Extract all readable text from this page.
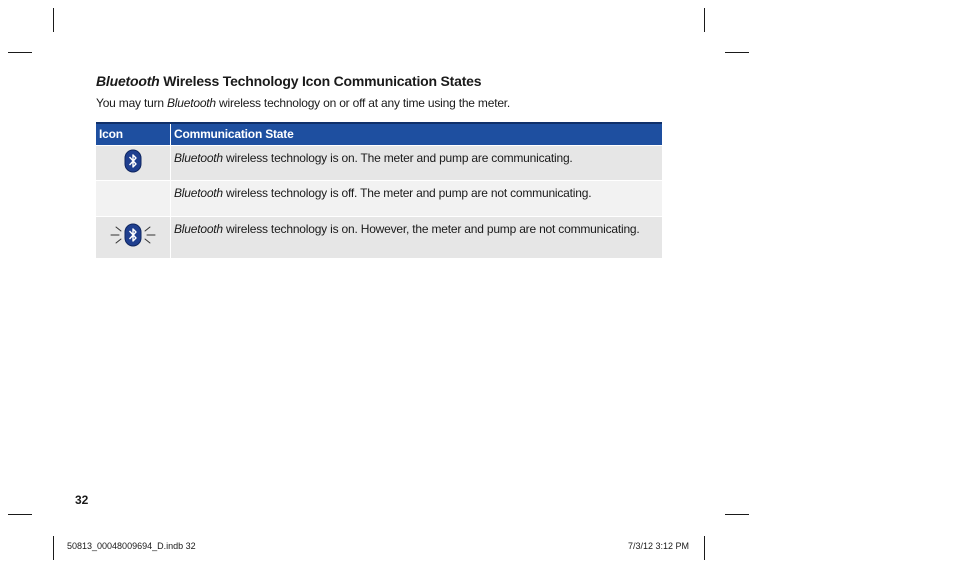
Bluetooth Wireless Technology Icon Communication States
You may turn Bluetooth wireless technology on or off at any time using the meter.
Icon	Communication State
Bluetooth wireless technology is on. The meter and pump are communicating.
Bluetooth wireless technology is off. The meter and pump are not communicating.
Bluetooth wireless technology is on. However, the meter and pump are not communicating.
32
50813_00048009694_D.indb 32	7/3/12 3:12 PM
